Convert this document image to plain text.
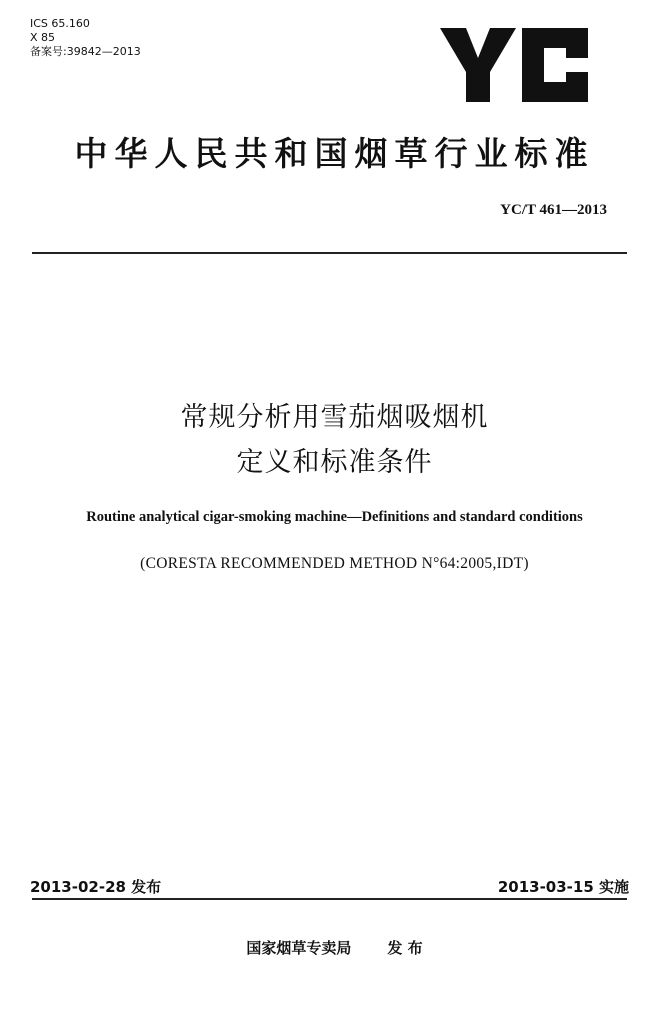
ICS 65.160
X 85
备案号:39842—2013
中华人民共和国烟草行业标准
YC/T 461—2013
常规分析用雪茄烟吸烟机
定义和标准条件
Routine analytical cigar-smoking machine—Definitions and standard conditions
(CORESTA RECOMMENDED METHOD N°64:2005,IDT)
2013-02-28 发布	2013-03-15 实施
国家烟草专卖局 发 布
